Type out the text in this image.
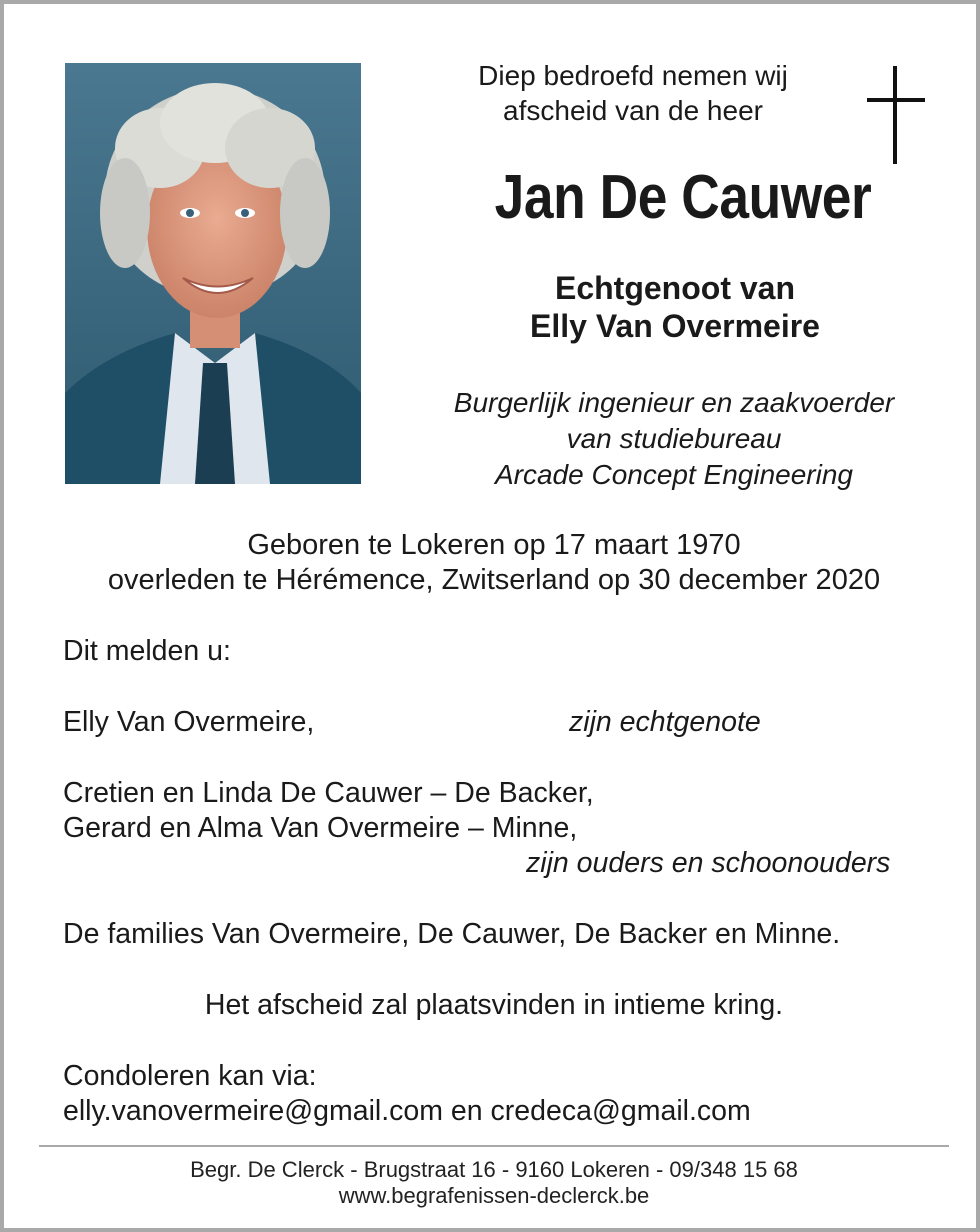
Diep bedroefd nemen wij
afscheid van de heer
Jan De Cauwer
Echtgenoot van
Elly Van Overmeire
Burgerlijk ingenieur en zaakvoerder
van studiebureau
Arcade Concept Engineering
Geboren te Lokeren op 17 maart 1970
overleden te Hérémence, Zwitserland op 30 december 2020
Dit melden u:
Elly Van Overmeire,	zijn echtgenote
Cretien en Linda De Cauwer – De Backer,
Gerard en Alma Van Overmeire – Minne,
zijn ouders en schoonouders
De families Van Overmeire, De Cauwer, De Backer en Minne.
Het afscheid zal plaatsvinden in intieme kring.
Condoleren kan via:
elly.vanovermeire@gmail.com en credeca@gmail.com
Begr. De Clerck - Brugstraat 16 - 9160 Lokeren - 09/348 15 68
www.begrafenissen-declerck.be
